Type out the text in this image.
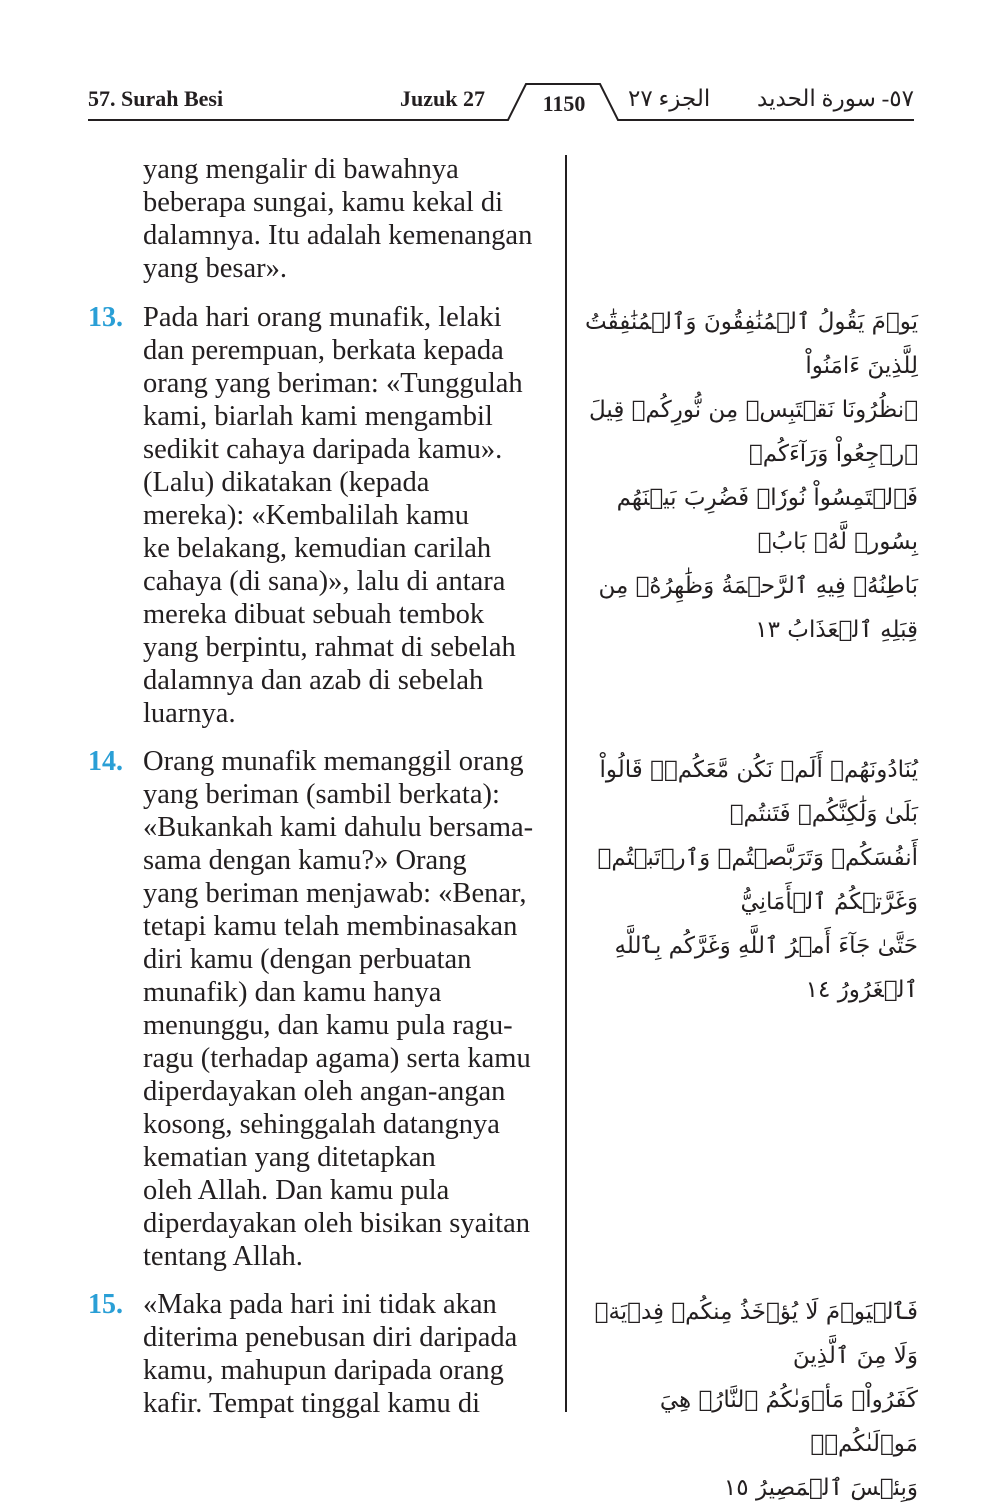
57. Surah Besi	Juzuk 27	1150	الجزء ٢٧ ٥٧- سورة الحديد

yang mengalir di bawahnya
beberapa sungai, kamu kekal di
dalamnya. Itu adalah kemenangan
yang besar».

13. Pada hari orang munafik, lelaki
dan perempuan, berkata kepada
orang yang beriman: «Tunggulah
kami, biarlah kami mengambil
sedikit cahaya daripada kamu».
(Lalu) dikatakan (kepada
mereka): «Kembalilah kamu
ke belakang, kemudian carilah
cahaya (di sana)», lalu di antara
mereka dibuat sebuah tembok
yang berpintu, rahmat di sebelah
dalamnya dan azab di sebelah
luarnya.

يَوۡمَ يَقُولُ ٱلۡمُنَٰفِقُونَ وَٱلۡمُنَٰفِقَٰتُ لِلَّذِينَ ءَامَنُواْ
ٱنظُرُونَا نَقۡتَبِسۡ مِن نُّورِكُمۡ قِيلَ ٱرۡجِعُواْ وَرَآءَكُمۡ
فَٱلۡتَمِسُواْ نُورٗاۖ فَضُرِبَ بَيۡنَهُم بِسُورٖ لَّهُۥ بَابُۢ
بَاطِنُهُۥ فِيهِ ٱلرَّحۡمَةُ وَظَٰهِرُهُۥ مِن قِبَلِهِ ٱلۡعَذَابُ ١٣

14. Orang munafik memanggil orang
yang beriman (sambil berkata):
«Bukankah kami dahulu bersama-
sama dengan kamu?» Orang
yang beriman menjawab: «Benar,
tetapi kamu telah membinasakan
diri kamu (dengan perbuatan
munafik) dan kamu hanya
menunggu, dan kamu pula ragu-
ragu (terhadap agama) serta kamu
diperdayakan oleh angan-angan
kosong, sehinggalah datangnya
kematian yang ditetapkan
oleh Allah. Dan kamu pula
diperdayakan oleh bisikan syaitan
tentang Allah.

يُنَادُونَهُمۡ أَلَمۡ نَكُن مَّعَكُمۡۖ قَالُواْ بَلَىٰ وَلَٰكِنَّكُمۡ فَتَنتُمۡ
أَنفُسَكُمۡ وَتَرَبَّصۡتُمۡ وَٱرۡتَبۡتُمۡ وَغَرَّتۡكُمُ ٱلۡأَمَانِيُّ
حَتَّىٰ جَآءَ أَمۡرُ ٱللَّهِ وَغَرَّكُم بِٱللَّهِ ٱلۡغَرُورُ ١٤

15. «Maka pada hari ini tidak akan
diterima penebusan diri daripada
kamu, mahupun daripada orang
kafir. Tempat tinggal kamu di

فَٱلۡيَوۡمَ لَا يُؤۡخَذُ مِنكُمۡ فِدۡيَةٞ وَلَا مِنَ ٱلَّذِينَ
كَفَرُواْۚ مَأۡوَىٰكُمُ ٱلنَّارُۖ هِيَ مَوۡلَىٰكُمۡۖ
وَبِئۡسَ ٱلۡمَصِيرُ ١٥
